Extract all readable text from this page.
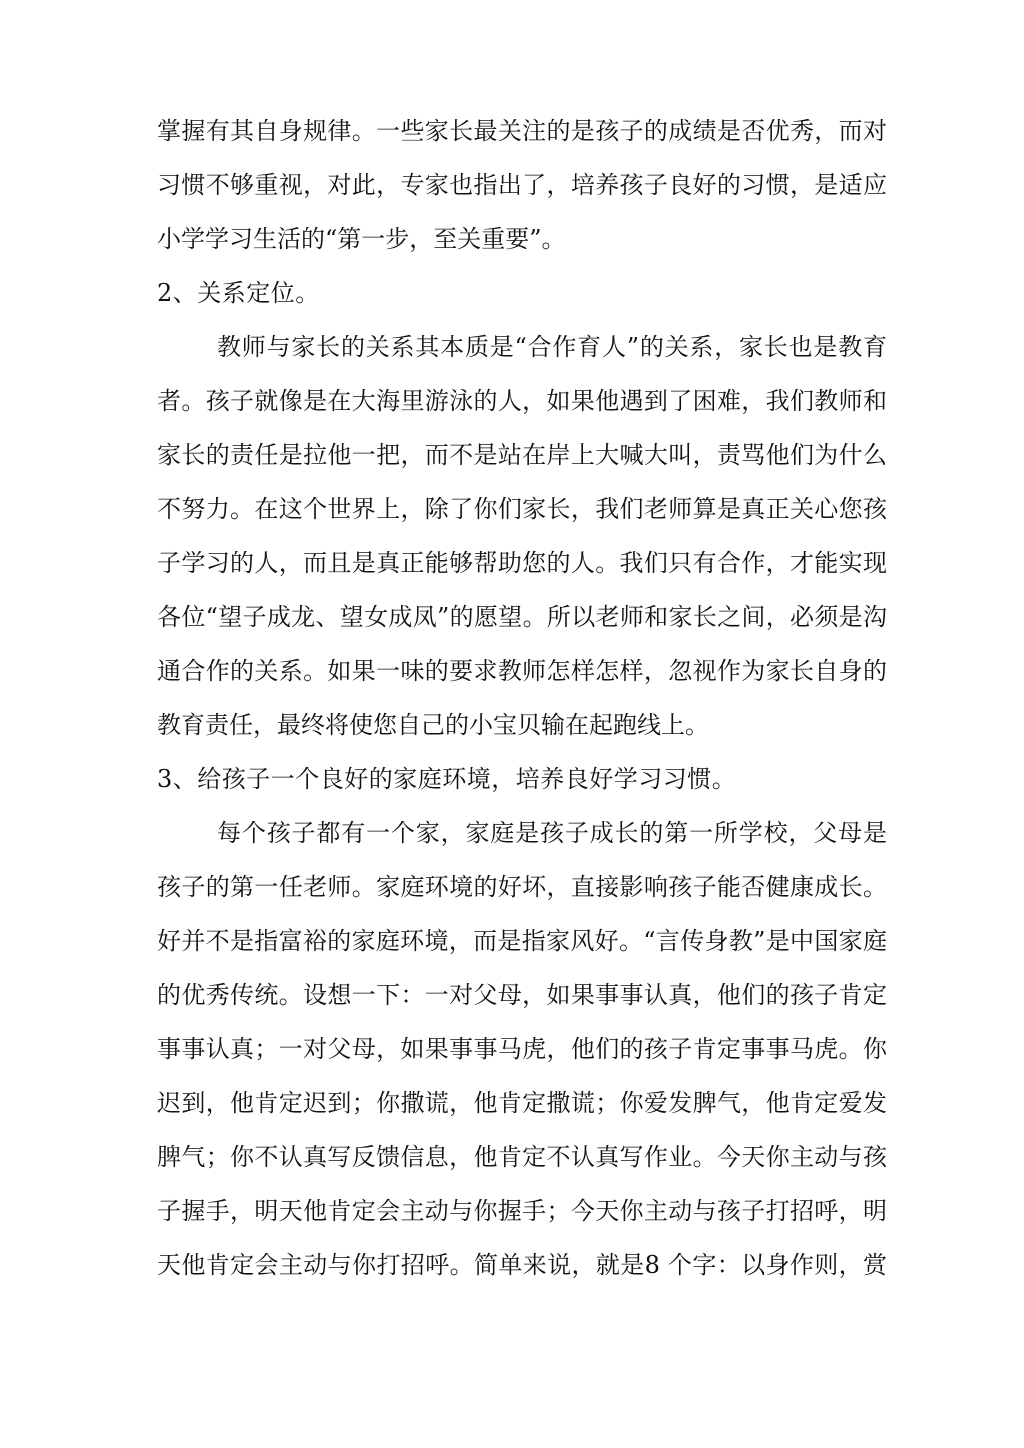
掌握有其自身规律。一些家长最关注的是孩子的成绩是否优秀，而对
习惯不够重视，对此，专家也指出了，培养孩子良好的习惯，是适应
小学学习生活的“第一步，至关重要”。
2、关系定位。
教师与家长的关系其本质是“合作育人”的关系，家长也是教育
者。孩子就像是在大海里游泳的人，如果他遇到了困难，我们教师和
家长的责任是拉他一把，而不是站在岸上大喊大叫，责骂他们为什么
不努力。在这个世界上，除了你们家长，我们老师算是真正关心您孩
子学习的人，而且是真正能够帮助您的人。我们只有合作，才能实现
各位“望子成龙、望女成凤”的愿望。所以老师和家长之间，必须是沟
通合作的关系。如果一味的要求教师怎样怎样，忽视作为家长自身的
教育责任，最终将使您自己的小宝贝输在起跑线上。
3、给孩子一个良好的家庭环境，培养良好学习习惯。
每个孩子都有一个家，家庭是孩子成长的第一所学校，父母是
孩子的第一任老师。家庭环境的好坏，直接影响孩子能否健康成长。
好并不是指富裕的家庭环境，而是指家风好。“言传身教”是中国家庭
的优秀传统。设想一下：一对父母，如果事事认真，他们的孩子肯定
事事认真；一对父母，如果事事马虎，他们的孩子肯定事事马虎。你
迟到，他肯定迟到；你撒谎，他肯定撒谎；你爱发脾气，他肯定爱发
脾气；你不认真写反馈信息，他肯定不认真写作业。今天你主动与孩
子握手，明天他肯定会主动与你握手；今天你主动与孩子打招呼，明
天他肯定会主动与你打招呼。简单来说，就是8 个字：以身作则，赏
